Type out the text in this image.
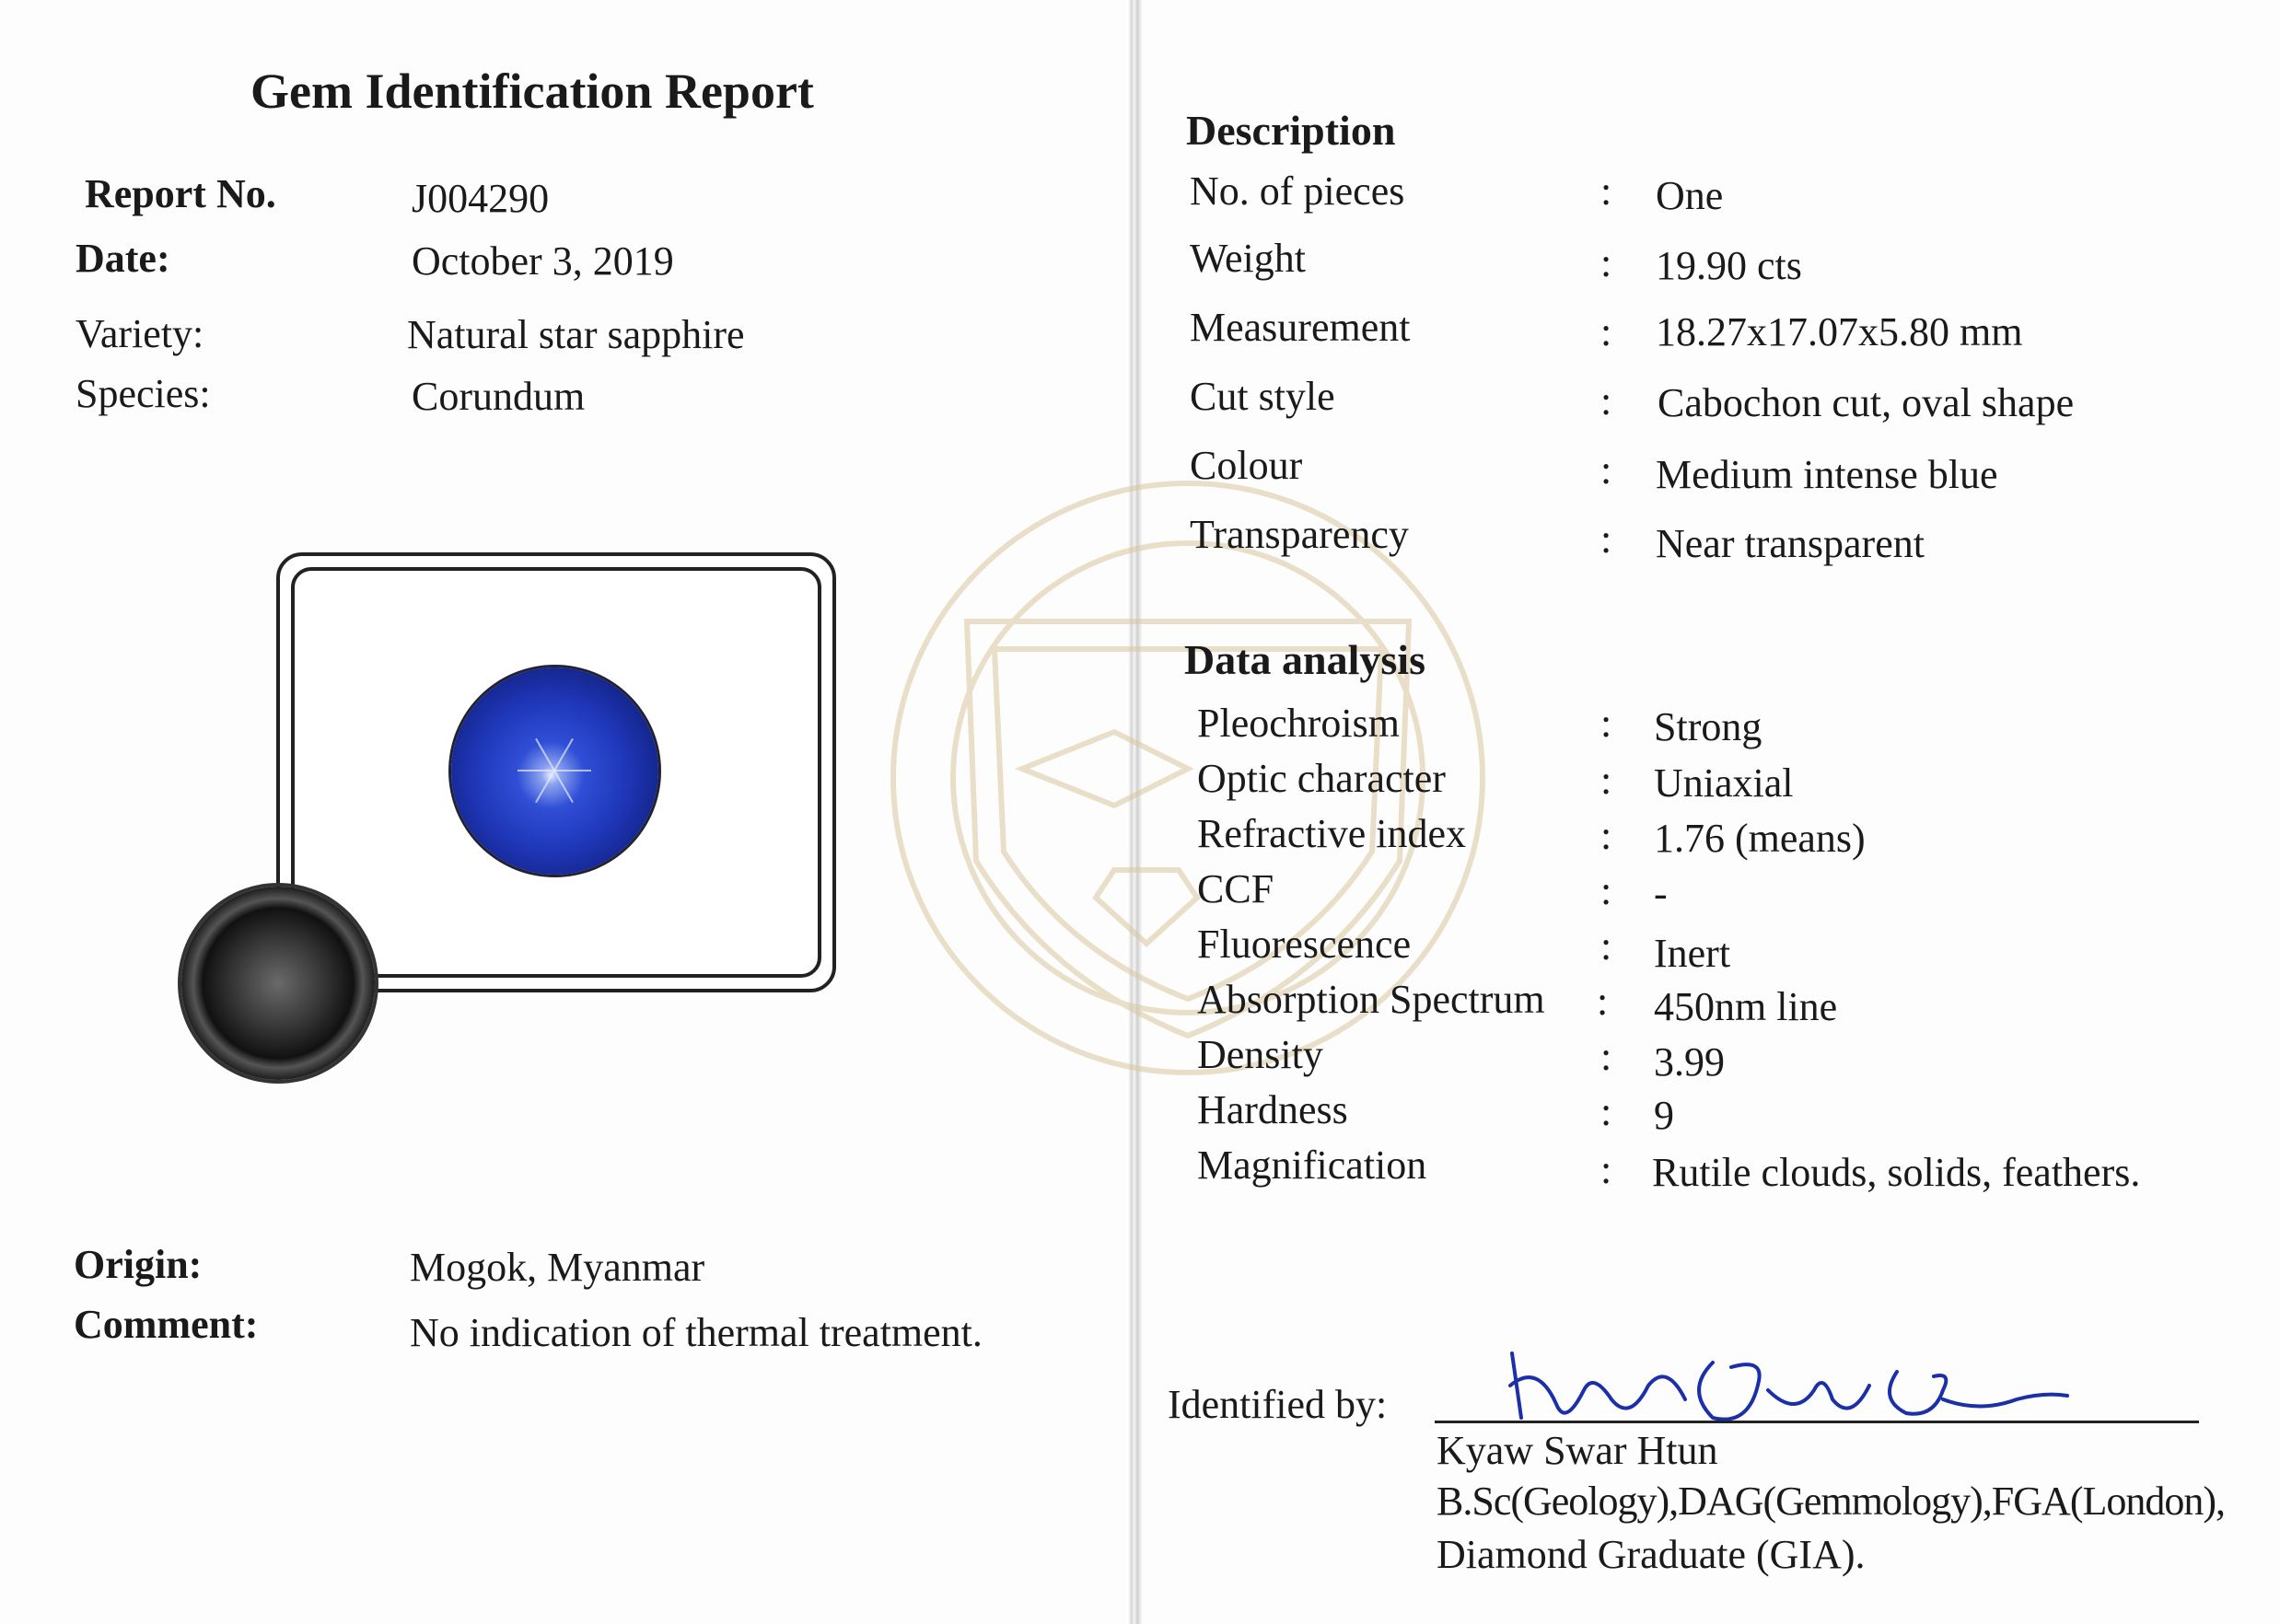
Gem Identification Report
Report No.	J004290
Date:	October 3, 2019
Variety:	Natural star sapphire
Species:	Corundum
Origin:	Mogok, Myanmar
Comment:	No indication of thermal treatment.
Description
No. of pieces	: One
Weight	: 19.90 cts
Measurement	: 18.27x17.07x5.80 mm
Cut style	: Cabochon cut, oval shape
Colour	: Medium intense blue
Transparency	: Near transparent
Data analysis
Pleochroism	: Strong
Optic character	: Uniaxial
Refractive index	: 1.76 (means)
CCF	: -
Fluorescence	: Inert
Absorption Spectrum : 450nm line
Density	: 3.99
Hardness	: 9
Magnification	: Rutile clouds, solids, feathers.
Identified by:
Kyaw Swar Htun
B.Sc(Geology),DAG(Gemmology),FGA(London),
Diamond Graduate (GIA).
